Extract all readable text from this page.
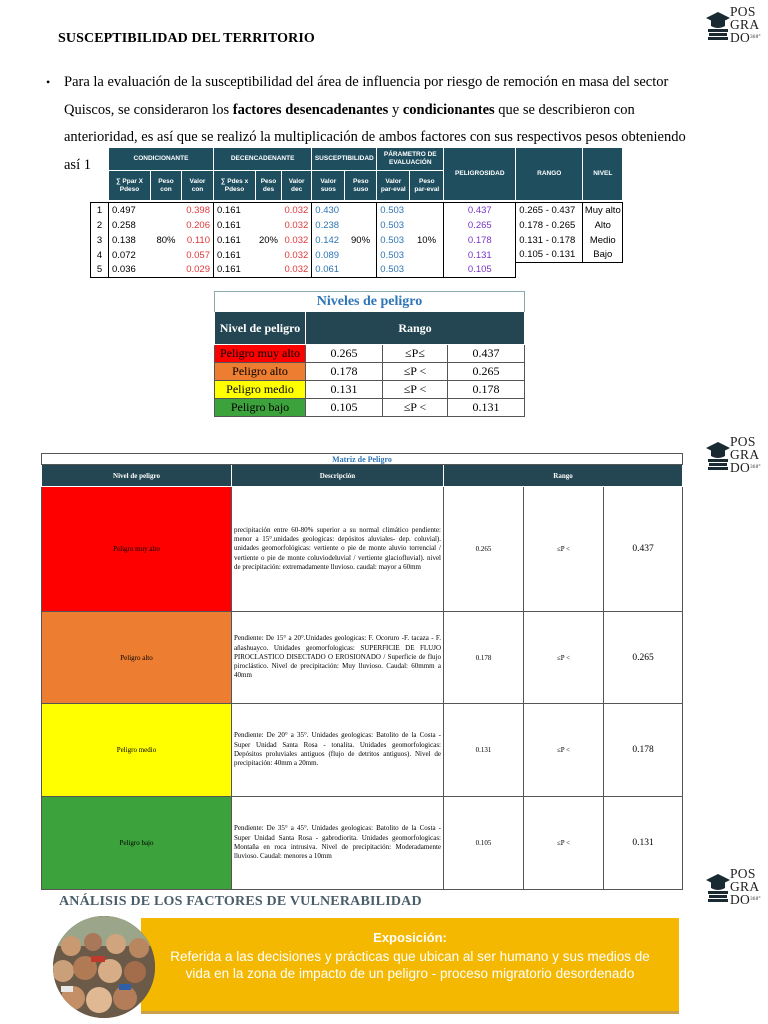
POS
GRA
$DO^{360^\circ}$
SUSCEPTIBILIDAD DEL TERRITORIO
• Para la evaluación de la susceptibilidad del área de influencia por riesgo de remoción en masa del sector
Quiscos, se consideraron los factores desencadenantes y condicionantes que se describieron con
anterioridad, es así que se realizó la multiplicación de ambos factores con sus respectivos pesos obteniendo
así 1
		CONDICIONANTE			DECENCADENANTE			SUSCEPTIBILIDAD		PÁRAMETRO DE EVALUACIÓN		PELIGROSIDAD	RANGO	NIVEL
	∑ Ppar X Pdeso	Peso con	Valor con	∑ Pdes x Pdeso	Peso des	Valor dec	Valor suos	Peso suso	Valor par-eval	Peso par-eval			

1	0.497	80%	0.398	0.161	20%	0.032	0.430	90%	0.503	10%	0.437	0.265 - 0.437	Muy alto
2	0.258		0.206	0.161		0.032	0.238		0.503		0.265	0.178 - 0.265	Alto
3	0.138		0.110	0.161		0.032	0.142		0.503		0.178	0.131 - 0.178	Medio
4	0.072		0.057	0.161		0.032	0.089		0.503		0.131	0.105 - 0.131	Bajo
5	0.036		0.029	0.161		0.032	0.061		0.503		0.105		
Niveles de peligro			
Nivel de peligro	Rango		
Peligro muy alto	0.265	≤P≤	0.437
Peligro alto	0.178	≤P <	0.265
Peligro medio	0.131	≤P <	0.178
Peligro bajo	0.105	≤P <	0.131
POS
GRA
$DO^{360^\circ}$
Matriz de Peligro				
Nivel de peligro	Descripción	Rango		
Peligro muy alto	precipitación entre 60-80% superior a su normal climático pendiente: menor a 15°.unidades geologicas: depósitos aluviales- dep. coluvial). unidades geomorfológicas: vertiente o pie de monte aluvio torrencial / vertiente o pie de monte coluviodeluvial / vertiente glaciofluvial). nivel de precipitación: extremadamente lluvioso. caudal: mayor a 60mm	0.265	≤P <	0.437
Peligro alto	Pendiente: De 15° a 20°.Unidades geologicas: F. Ocoruro -F. tacaza - F. añashuayco. Unidades geomorfologicas: SUPERFICIE DE FLUJO PIROCLASTICO DISECTADO O EROSIONADO / Superficie de flujo piroclástico. Nivel de precipitación: Muy lluvioso. Caudal: 60mmm a 40mm	0.178	≤P <	0.265
Peligro medio	Pendiente: De 20° a 35°. Unidades geologicas: Batolito de la Costa - Super Unidad Santa Rosa - tonalita. Unidades geomorfologicas: Depósitos proluviales antiguos (flujo de detritos antiguos). Nivel de precipitación: 40mm a 20mm.	0.131	≤P <	0.178
Peligro bajo	Pendiente: De 35° a 45°. Unidades geologicas: Batolito de la Costa - Super Unidad Santa Rosa - gabrodiorita. Unidades geomorfologicas: Montaña en roca intrusiva. Nivel de precipitación: Moderadamente lluvioso. Caudal: menores a 10mm	0.105	≤P <	0.131
POS
GRA
$DO^{360^\circ}$
ANÁLISIS DE LOS FACTORES DE VULNERABILIDAD
Exposición:
Referida a las decisiones y prácticas que ubican al ser humano y sus medios de vida en la zona de impacto de un peligro - proceso migratorio desordenado
